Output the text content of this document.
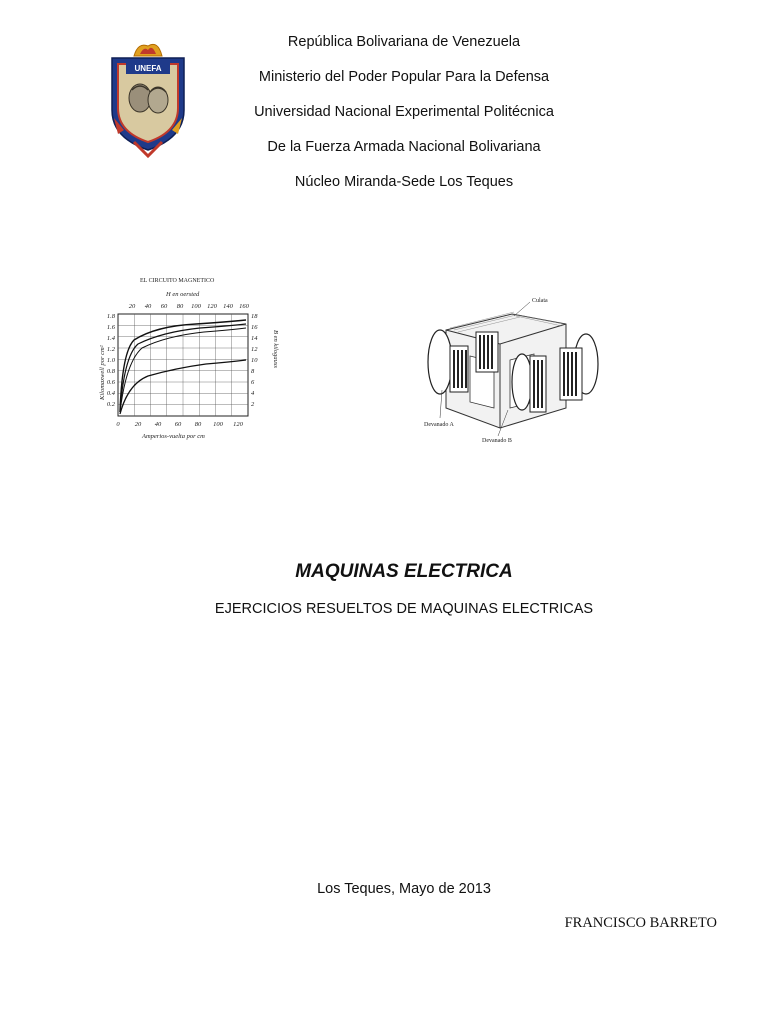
República Bolivariana de Venezuela
Ministerio del Poder Popular Para la Defensa
Universidad Nacional Experimental Politécnica
De la Fuerza Armada Nacional Bolivariana
Núcleo Miranda-Sede Los Teques
UNEFA
EL CIRCUITO MAGNETICO
H en oersted
20 40 60 80 100 120 140 160
1.8
1.6
1.4
1.2
1.0
0.8
0.6
0.4
0.2
18
16
14
12
10
8
6
4
2
0 20 40 60 80 100 120
Amperios-vuelta por cm
Kilomaxwell por cm²	B en kilogauss
Culata
Devanado A
Devanado B
MAQUINAS ELECTRICA
EJERCICIOS RESUELTOS DE MAQUINAS ELECTRICAS
Los Teques, Mayo de 2013
FRANCISCO BARRETO
